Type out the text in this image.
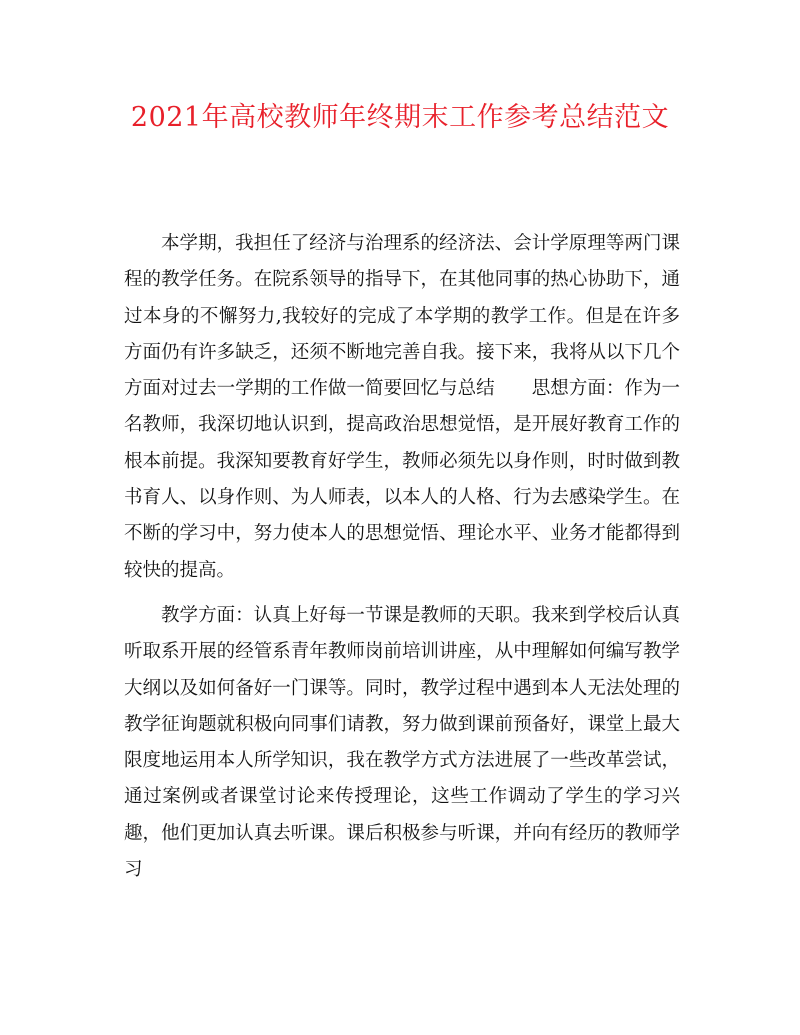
2021年高校教师年终期末工作参考总结范文

本学期，我担任了经济与治理系的经济法、会计学原理等两门课程的教学任务。在院系领导的指导下，在其他同事的热心协助下，通过本身的不懈努力,我较好的完成了本学期的教学工作。但是在许多方面仍有许多缺乏，还须不断地完善自我。接下来，我将从以下几个方面对过去一学期的工作做一简要回忆与总结　　思想方面：作为一名教师，我深切地认识到，提高政治思想觉悟，是开展好教育工作的根本前提。我深知要教育好学生，教师必须先以身作则，时时做到教书育人、以身作则、为人师表，以本人的人格、行为去感染学生。在不断的学习中，努力使本人的思想觉悟、理论水平、业务才能都得到较快的提高。

教学方面：认真上好每一节课是教师的天职。我来到学校后认真听取系开展的经管系青年教师岗前培训讲座，从中理解如何编写教学大纲以及如何备好一门课等。同时，教学过程中遇到本人无法处理的教学征询题就积极向同事们请教，努力做到课前预备好，课堂上最大限度地运用本人所学知识，我在教学方式方法进展了一些改革尝试，通过案例或者课堂讨论来传授理论，这些工作调动了学生的学习兴趣，他们更加认真去听课。课后积极参与听课，并向有经历的教师学习
